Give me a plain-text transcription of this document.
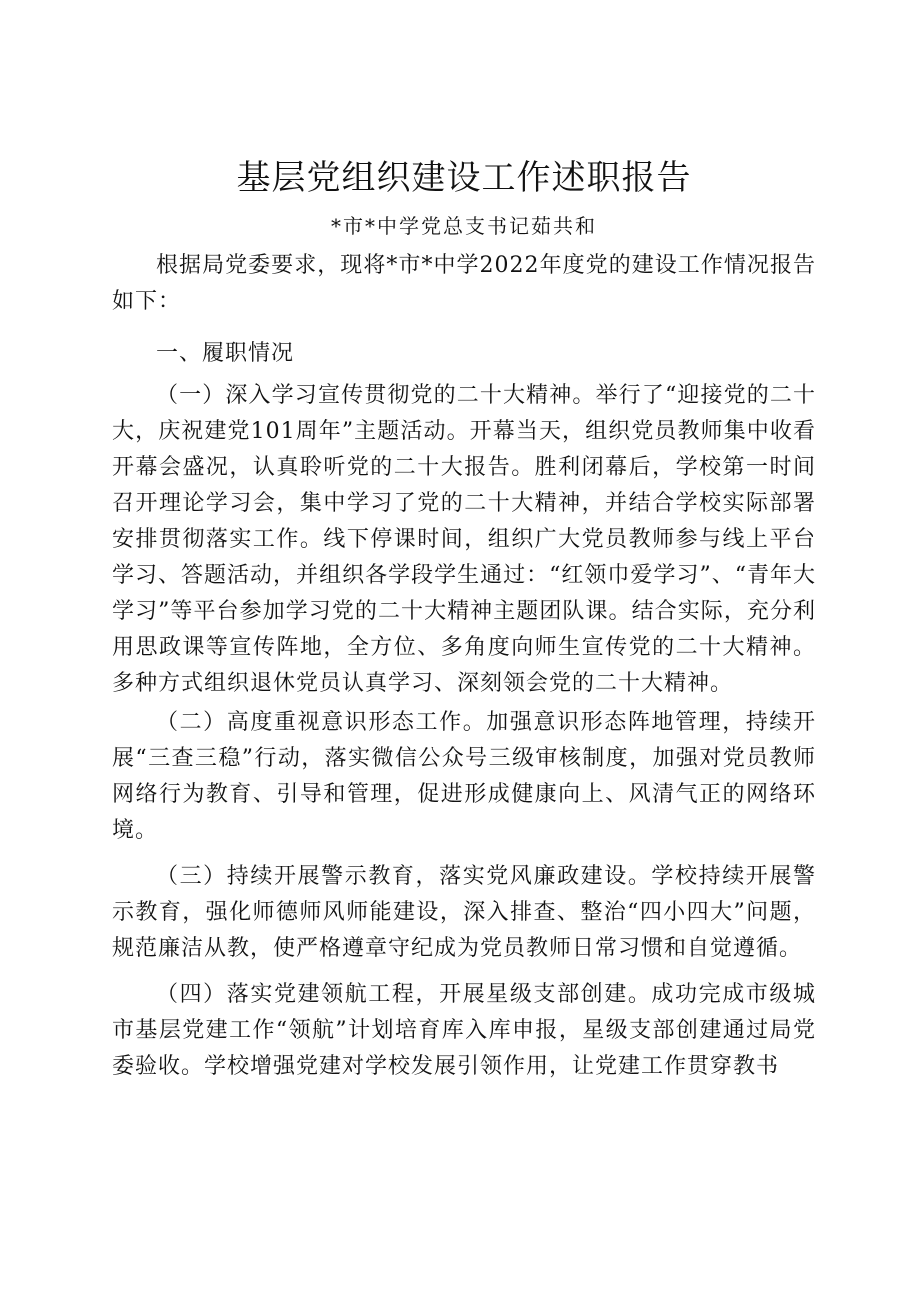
基层党组织建设工作述职报告

*市*中学党总支书记茹共和

根据局党委要求，现将*市*中学2022年度党的建设工作情况报告如下：

一、履职情况

（一）深入学习宣传贯彻党的二十大精神。举行了“迎接党的二十大，庆祝建党101周年”主题活动。开幕当天，组织党员教师集中收看开幕会盛况，认真聆听党的二十大报告。胜利闭幕后，学校第一时间召开理论学习会，集中学习了党的二十大精神，并结合学校实际部署安排贯彻落实工作。线下停课时间，组织广大党员教师参与线上平台学习、答题活动，并组织各学段学生通过：“红领巾爱学习”、“青年大学习”等平台参加学习党的二十大精神主题团队课。结合实际，充分利用思政课等宣传阵地，全方位、多角度向师生宣传党的二十大精神。多种方式组织退休党员认真学习、深刻领会党的二十大精神。

（二）高度重视意识形态工作。加强意识形态阵地管理，持续开展“三查三稳”行动，落实微信公众号三级审核制度，加强对党员教师网络行为教育、引导和管理，促进形成健康向上、风清气正的网络环境。

（三）持续开展警示教育，落实党风廉政建设。学校持续开展警示教育，强化师德师风师能建设，深入排查、整治“四小四大”问题，规范廉洁从教，使严格遵章守纪成为党员教师日常习惯和自觉遵循。

（四）落实党建领航工程，开展星级支部创建。成功完成市级城市基层党建工作“领航”计划培育库入库申报，星级支部创建通过局党委验收。学校增强党建对学校发展引领作用，让党建工作贯穿教书
